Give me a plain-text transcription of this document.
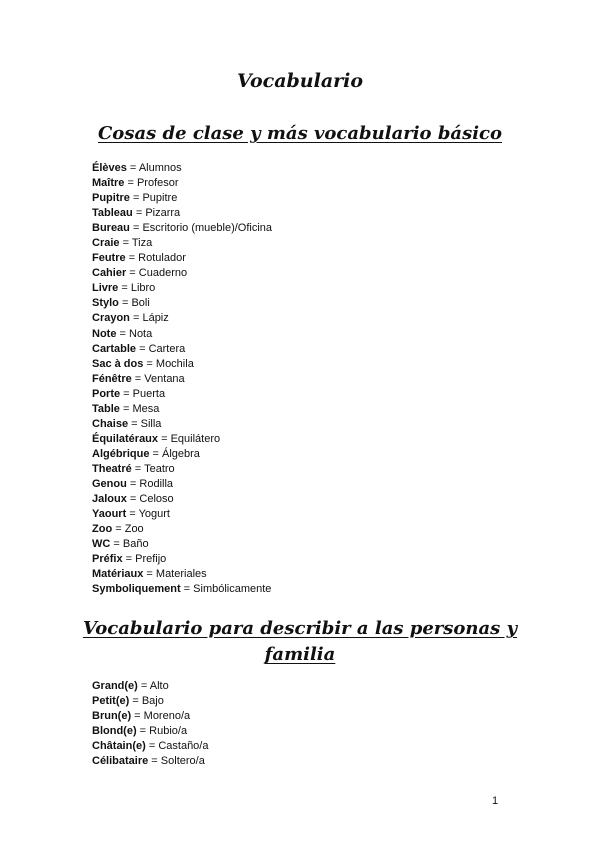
Vocabulario
Cosas de clase y más vocabulario básico
Élèves = Alumnos
Maître = Profesor
Pupitre = Pupitre
Tableau = Pizarra
Bureau = Escritorio (mueble)/Oficina
Craie = Tiza
Feutre = Rotulador
Cahier = Cuaderno
Livre = Libro
Stylo = Boli
Crayon = Lápiz
Note = Nota
Cartable = Cartera
Sac à dos = Mochila
Fénêtre = Ventana
Porte = Puerta
Table = Mesa
Chaise = Silla
Équilatéraux = Equilátero
Algébrique = Álgebra
Theatré = Teatro
Genou = Rodilla
Jaloux = Celoso
Yaourt = Yogurt
Zoo = Zoo
WC = Baño
Préfix = Prefijo
Matériaux = Materiales
Symboliquement = Simbólicamente
Vocabulario para describir a las personas y
familia
Grand(e) = Alto
Petit(e) = Bajo
Brun(e) = Moreno/a
Blond(e) = Rubio/a
Châtain(e) = Castaño/a
Célibataire = Soltero/a
1
